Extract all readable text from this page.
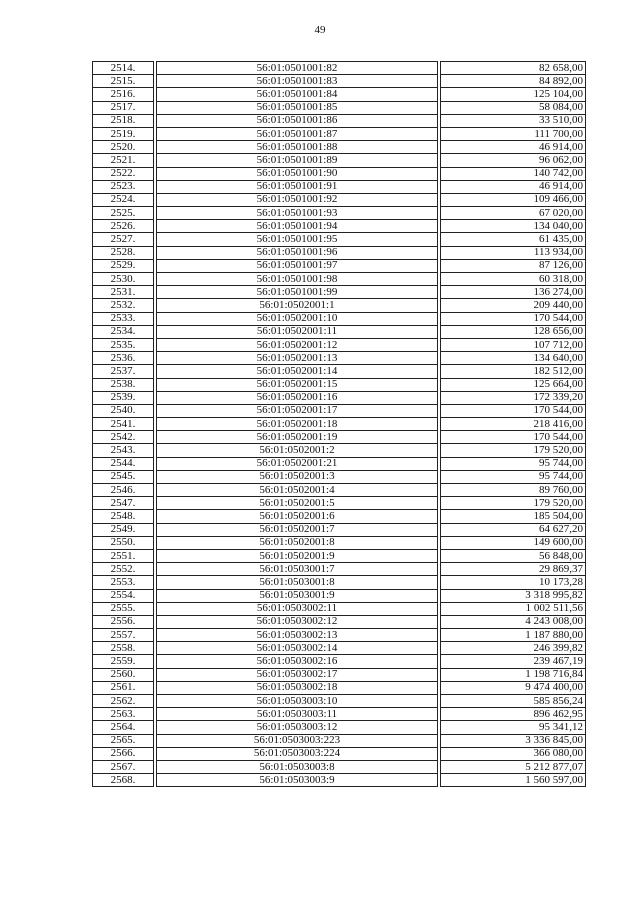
49
2514.		56:01:0501001:82		82 658,00
2515.		56:01:0501001:83		84 892,00
2516.		56:01:0501001:84		125 104,00
2517.		56:01:0501001:85		58 084,00
2518.		56:01:0501001:86		33 510,00
2519.		56:01:0501001:87		111 700,00
2520.		56:01:0501001:88		46 914,00
2521.		56:01:0501001:89		96 062,00
2522.		56:01:0501001:90		140 742,00
2523.		56:01:0501001:91		46 914,00
2524.		56:01:0501001:92		109 466,00
2525.		56:01:0501001:93		67 020,00
2526.		56:01:0501001:94		134 040,00
2527.		56:01:0501001:95		61 435,00
2528.		56:01:0501001:96		113 934,00
2529.		56:01:0501001:97		87 126,00
2530.		56:01:0501001:98		60 318,00
2531.		56:01:0501001:99		136 274,00
2532.		56:01:0502001:1		209 440,00
2533.		56:01:0502001:10		170 544,00
2534.		56:01:0502001:11		128 656,00
2535.		56:01:0502001:12		107 712,00
2536.		56:01:0502001:13		134 640,00
2537.		56:01:0502001:14		182 512,00
2538.		56:01:0502001:15		125 664,00
2539.		56:01:0502001:16		172 339,20
2540.		56:01:0502001:17		170 544,00
2541.		56:01:0502001:18		218 416,00
2542.		56:01:0502001:19		170 544,00
2543.		56:01:0502001:2		179 520,00
2544.		56:01:0502001:21		95 744,00
2545.		56:01:0502001:3		95 744,00
2546.		56:01:0502001:4		89 760,00
2547.		56:01:0502001:5		179 520,00
2548.		56:01:0502001:6		185 504,00
2549.		56:01:0502001:7		64 627,20
2550.		56:01:0502001:8		149 600,00
2551.		56:01:0502001:9		56 848,00
2552.		56:01:0503001:7		29 869,37
2553.		56:01:0503001:8		10 173,28
2554.		56:01:0503001:9		3 318 995,82
2555.		56:01:0503002:11		1 002 511,56
2556.		56:01:0503002:12		4 243 008,00
2557.		56:01:0503002:13		1 187 880,00
2558.		56:01:0503002:14		246 399,82
2559.		56:01:0503002:16		239 467,19
2560.		56:01:0503002:17		1 198 716,84
2561.		56:01:0503002:18		9 474 400,00
2562.		56:01:0503003:10		585 856,24
2563.		56:01:0503003:11		896 462,95
2564.		56:01:0503003:12		95 341,12
2565.		56:01:0503003:223		3 336 845,00
2566.		56:01:0503003:224		366 080,00
2567.		56:01:0503003:8		5 212 877,07
2568.		56:01:0503003:9		1 560 597,00
